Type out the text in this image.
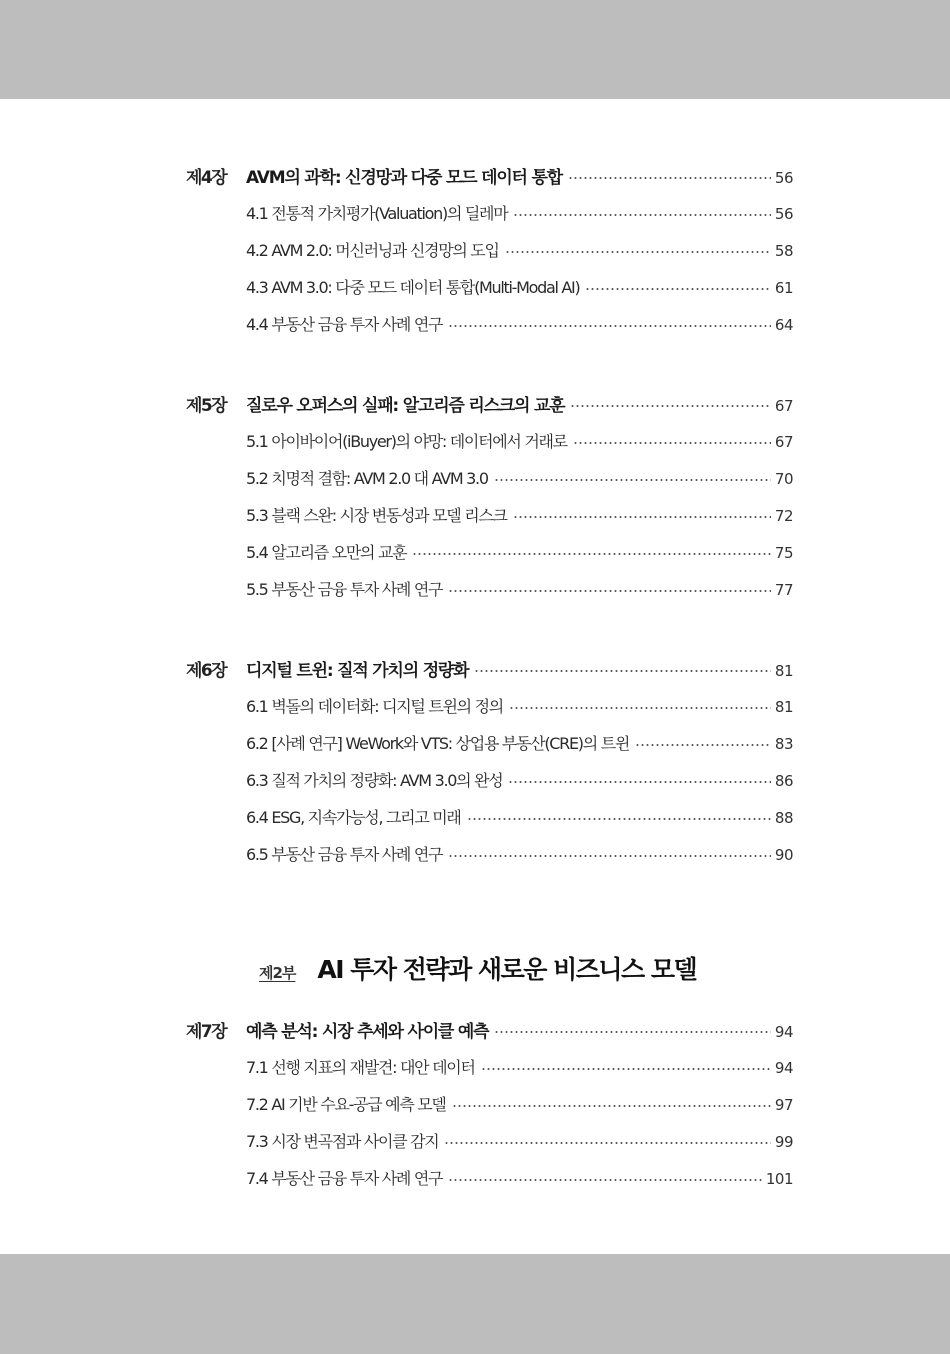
제4장	AVM의 과학: 신경망과 다중 모드 데이터 통합	56
4.1 전통적 가치평가(Valuation)의 딜레마	56
4.2 AVM 2.0: 머신러닝과 신경망의 도입	58
4.3 AVM 3.0: 다중 모드 데이터 통합(Multi-Modal AI)	61
4.4 부동산 금융 투자 사례 연구	64
제5장	질로우 오퍼스의 실패: 알고리즘 리스크의 교훈	67
5.1 아이바이어(iBuyer)의 야망: 데이터에서 거래로	67
5.2 치명적 결함: AVM 2.0 대 AVM 3.0	70
5.3 블랙 스완: 시장 변동성과 모델 리스크	72
5.4 알고리즘 오만의 교훈	75
5.5 부동산 금융 투자 사례 연구	77
제6장	디지털 트윈: 질적 가치의 정량화	81
6.1 벽돌의 데이터화: 디지털 트윈의 정의	81
6.2 [사례 연구] WeWork와 VTS: 상업용 부동산(CRE)의 트윈	83
6.3 질적 가치의 정량화: AVM 3.0의 완성	86
6.4 ESG, 지속가능성, 그리고 미래	88
6.5 부동산 금융 투자 사례 연구	90
제2부 AI 투자 전략과 새로운 비즈니스 모델
제7장	예측 분석: 시장 추세와 사이클 예측	94
7.1 선행 지표의 재발견: 대안 데이터	94
7.2 AI 기반 수요-공급 예측 모델	97
7.3 시장 변곡점과 사이클 감지	99
7.4 부동산 금융 투자 사례 연구	101
